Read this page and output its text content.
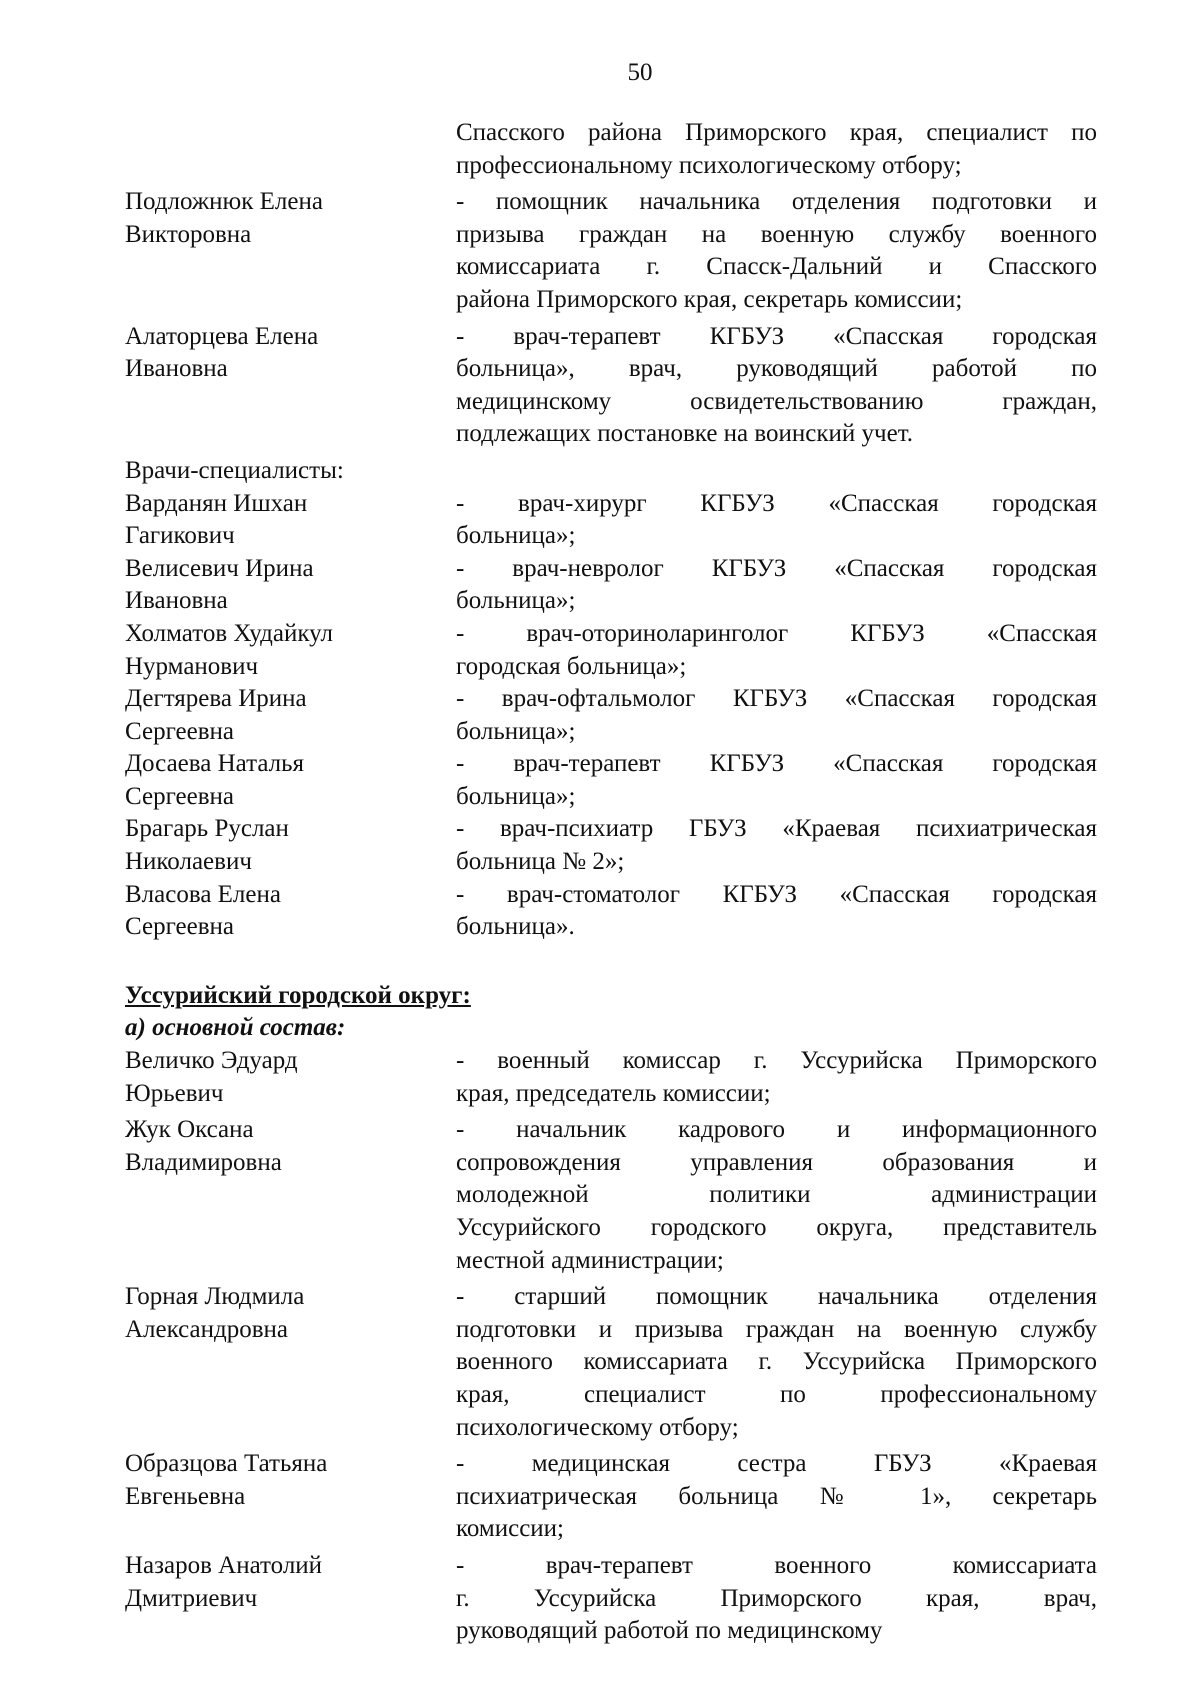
50
Спасского района Приморского края, специалист по
профессиональному психологическому отбору;
Подложнюк Елена
Викторовна
- помощник начальника отделения подготовки и
призыва граждан на военную службу военного
комиссариата г. Спасск-Дальний и Спасского
района Приморского края, секретарь комиссии;
Алаторцева Елена
Ивановна
- врач-терапевт КГБУЗ «Спасская городская
больница», врач, руководящий работой по
медицинскому освидетельствованию граждан,
подлежащих постановке на воинский учет.
Врачи-специалисты:
Варданян Ишхан
Гагикович
- врач-хирург КГБУЗ «Спасская городская
больница»;
Велисевич Ирина
Ивановна
- врач-невролог КГБУЗ «Спасская городская
больница»;
Холматов Худайкул
Нурманович
- врач-оториноларинголог КГБУЗ «Спасская
городская больница»;
Дегтярева Ирина
Сергеевна
- врач-офтальмолог КГБУЗ «Спасская городская
больница»;
Досаева Наталья
Сергеевна
- врач-терапевт КГБУЗ «Спасская городская
больница»;
Брагарь Руслан
Николаевич
- врач-психиатр ГБУЗ «Краевая психиатрическая
больница № 2»;
Власова Елена
Сергеевна
- врач-стоматолог КГБУЗ «Спасская городская
больница».
Уссурийский городской округ:
а) основной состав:
Величко Эдуард
Юрьевич
- военный комиссар г. Уссурийска Приморского
края, председатель комиссии;
Жук Оксана
Владимировна
- начальник кадрового и информационного
сопровождения управления образования и
молодежной политики администрации
Уссурийского городского округа, представитель
местной администрации;
Горная Людмила
Александровна
- старший помощник начальника отделения
подготовки и призыва граждан на военную службу
военного комиссариата г. Уссурийска Приморского
края, специалист по профессиональному
психологическому отбору;
Образцова Татьяна
Евгеньевна
- медицинская сестра ГБУЗ «Краевая
психиатрическая больница № 1», секретарь
комиссии;
Назаров Анатолий
Дмитриевич
- врач-терапевт военного комиссариата
г. Уссурийска Приморского края, врач,
руководящий работой по медицинскому
